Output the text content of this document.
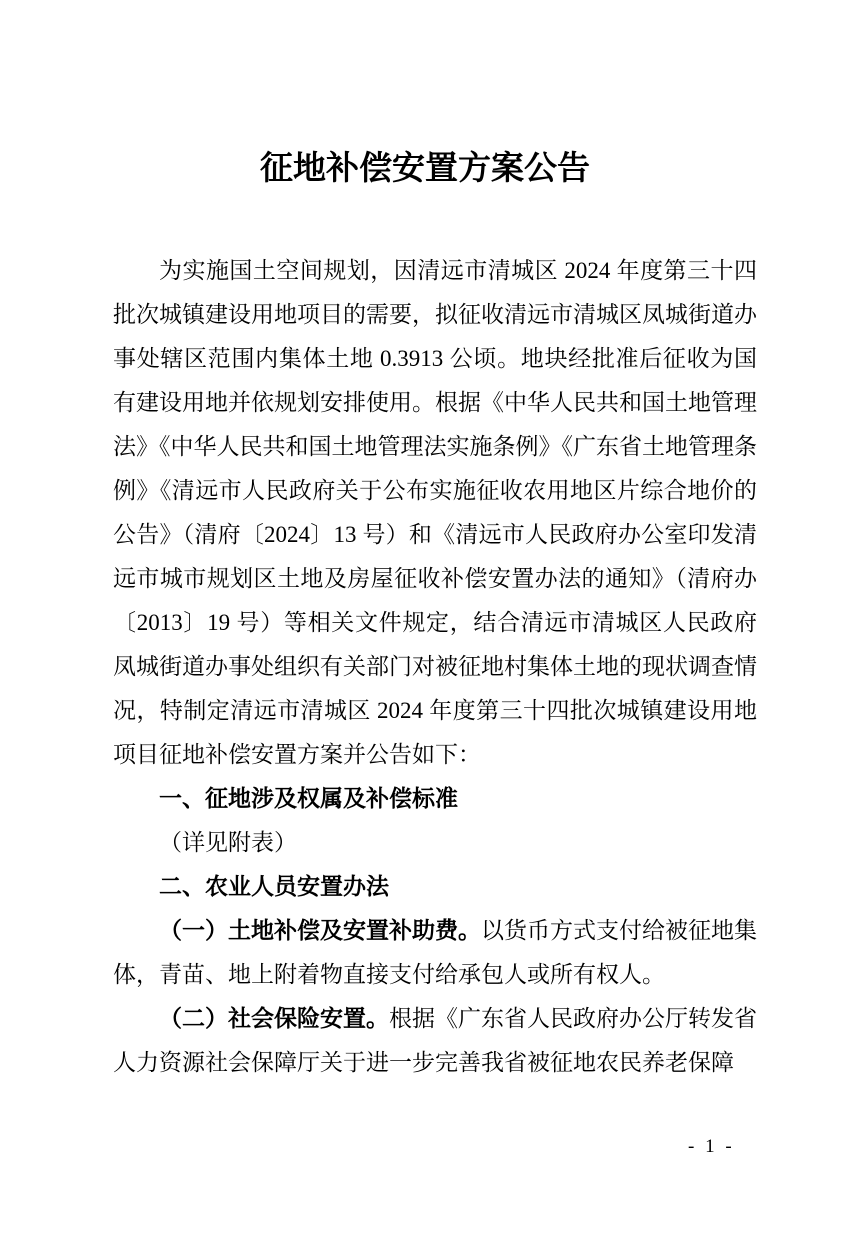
征地补偿安置方案公告

为实施国土空间规划，因清远市清城区 2024 年度第三十四批次城镇建设用地项目的需要，拟征收清远市清城区凤城街道办事处辖区范围内集体土地 0.3913 公顷。地块经批准后征收为国有建设用地并依规划安排使用。根据《中华人民共和国土地管理法》《中华人民共和国土地管理法实施条例》《广东省土地管理条例》《清远市人民政府关于公布实施征收农用地区片综合地价的公告》（清府〔2024〕13 号）和《清远市人民政府办公室印发清远市城市规划区土地及房屋征收补偿安置办法的通知》（清府办〔2013〕19 号）等相关文件规定，结合清远市清城区人民政府凤城街道办事处组织有关部门对被征地村集体土地的现状调查情况，特制定清远市清城区 2024 年度第三十四批次城镇建设用地项目征地补偿安置方案并公告如下：

一、征地涉及权属及补偿标准

（详见附表）

二、农业人员安置办法

（一）土地补偿及安置补助费。以货币方式支付给被征地集体，青苗、地上附着物直接支付给承包人或所有权人。

（二）社会保险安置。根据《广东省人民政府办公厅转发省人力资源社会保障厅关于进一步完善我省被征地农民养老保障

- 1 -
